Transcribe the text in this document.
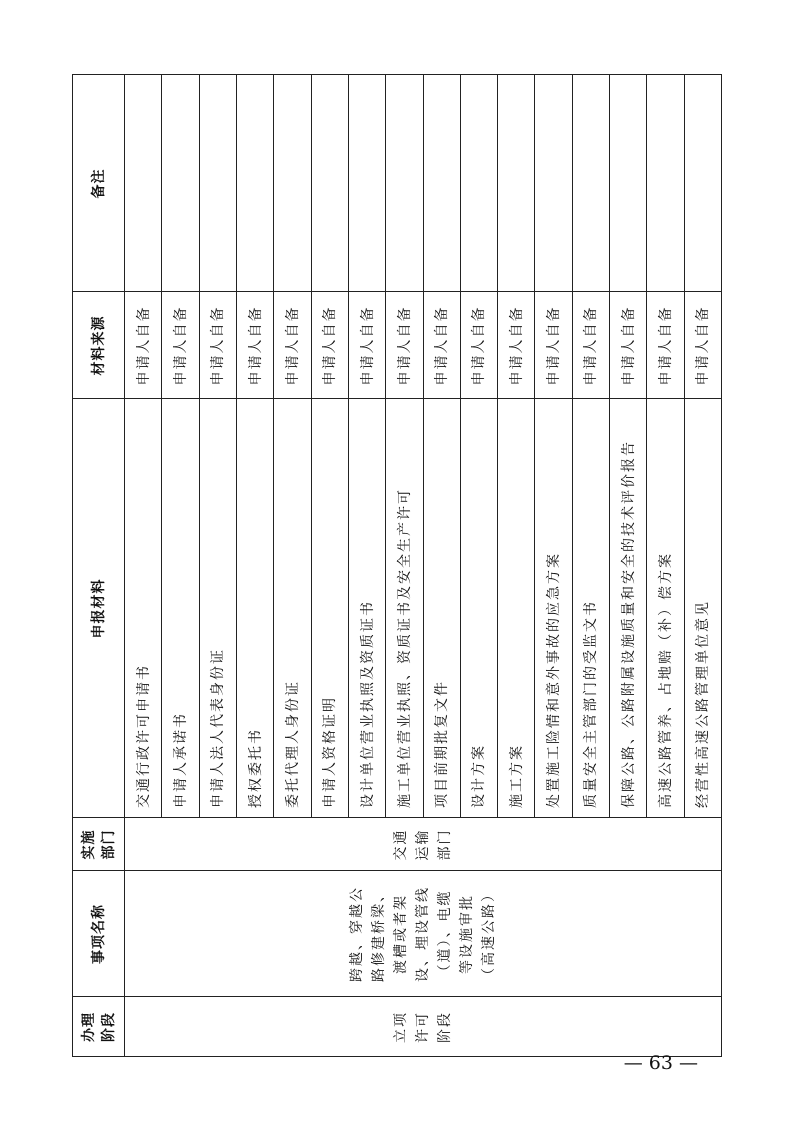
办理
阶段
事项名称
实施
部门
申报材料
材料来源
备注
立项
许可
阶段
跨越、穿越公
路修建桥梁、
渡槽或者架
设、埋设管线
（道）、电缆
等设施审批
（高速公路）
交通
运输
部门
交通行政许可申请书
申请人自备
申请人承诺书
申请人自备
申请人法人代表身份证
申请人自备
授权委托书
申请人自备
委托代理人身份证
申请人自备
申请人资格证明
申请人自备
设计单位营业执照及资质证书
申请人自备
施工单位营业执照、资质证书及安全生产许可
申请人自备
项目前期批复文件
申请人自备
设计方案
申请人自备
施工方案
申请人自备
处置施工险情和意外事故的应急方案
申请人自备
质量安全主管部门的受监文书
申请人自备
保障公路、公路附属设施质量和安全的技术评价报告
申请人自备
高速公路管养、占地赔（补）偿方案
申请人自备
经营性高速公路管理单位意见
申请人自备
— 63 —
